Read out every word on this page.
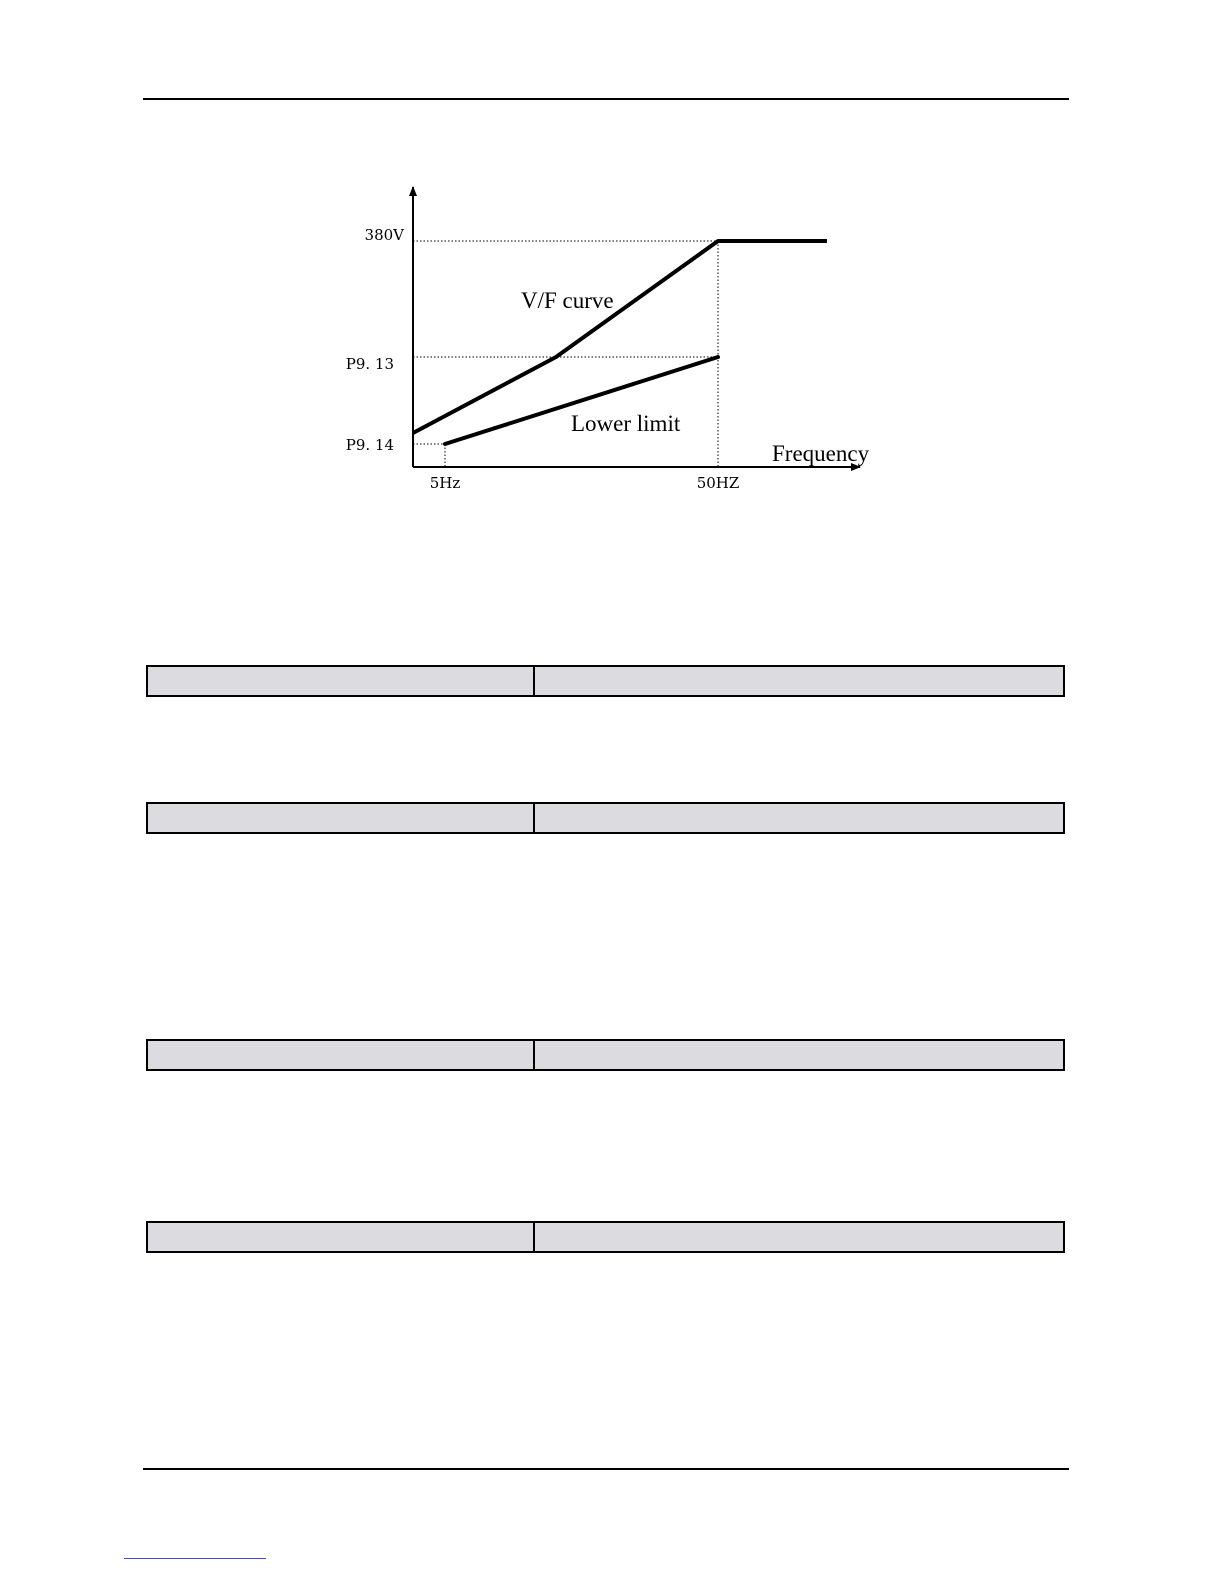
380V
P9. 13
P9. 14
5Hz	50HZ
Frequency
V/F curve
Lower limit
